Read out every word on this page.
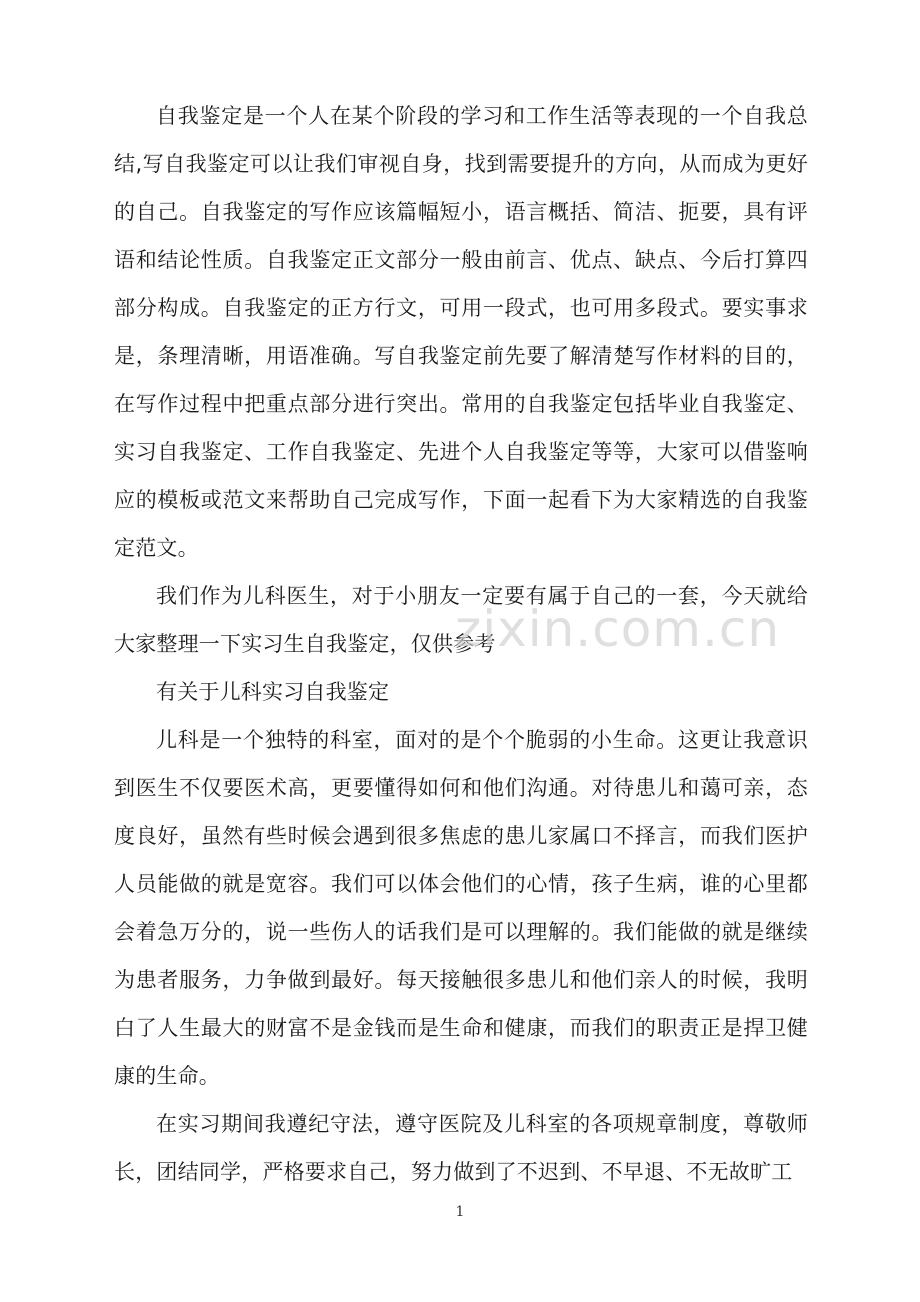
自我鉴定是一个人在某个阶段的学习和工作生活等表现的一个自我总结,写自我鉴定可以让我们审视自身，找到需要提升的方向，从而成为更好的自己。自我鉴定的写作应该篇幅短小，语言概括、简洁、扼要，具有评语和结论性质。自我鉴定正文部分一般由前言、优点、缺点、今后打算四部分构成。自我鉴定的正方行文，可用一段式，也可用多段式。要实事求是，条理清晰，用语准确。写自我鉴定前先要了解清楚写作材料的目的，在写作过程中把重点部分进行突出。常用的自我鉴定包括毕业自我鉴定、实习自我鉴定、工作自我鉴定、先进个人自我鉴定等等，大家可以借鉴响应的模板或范文来帮助自己完成写作，下面一起看下为大家精选的自我鉴定范文。

我们作为儿科医生，对于小朋友一定要有属于自己的一套，今天就给大家整理一下实习生自我鉴定，仅供参考

有关于儿科实习自我鉴定

儿科是一个独特的科室，面对的是个个脆弱的小生命。这更让我意识到医生不仅要医术高，更要懂得如何和他们沟通。对待患儿和蔼可亲，态度良好，虽然有些时候会遇到很多焦虑的患儿家属口不择言，而我们医护人员能做的就是宽容。我们可以体会他们的心情，孩子生病，谁的心里都会着急万分的，说一些伤人的话我们是可以理解的。我们能做的就是继续为患者服务，力争做到最好。每天接触很多患儿和他们亲人的时候，我明白了人生最大的财富不是金钱而是生命和健康，而我们的职责正是捍卫健康的生命。

在实习期间我遵纪守法，遵守医院及儿科室的各项规章制度，尊敬师长，团结同学，严格要求自己，努力做到了不迟到、不早退、不无故旷工

zixin.com.cn
1
